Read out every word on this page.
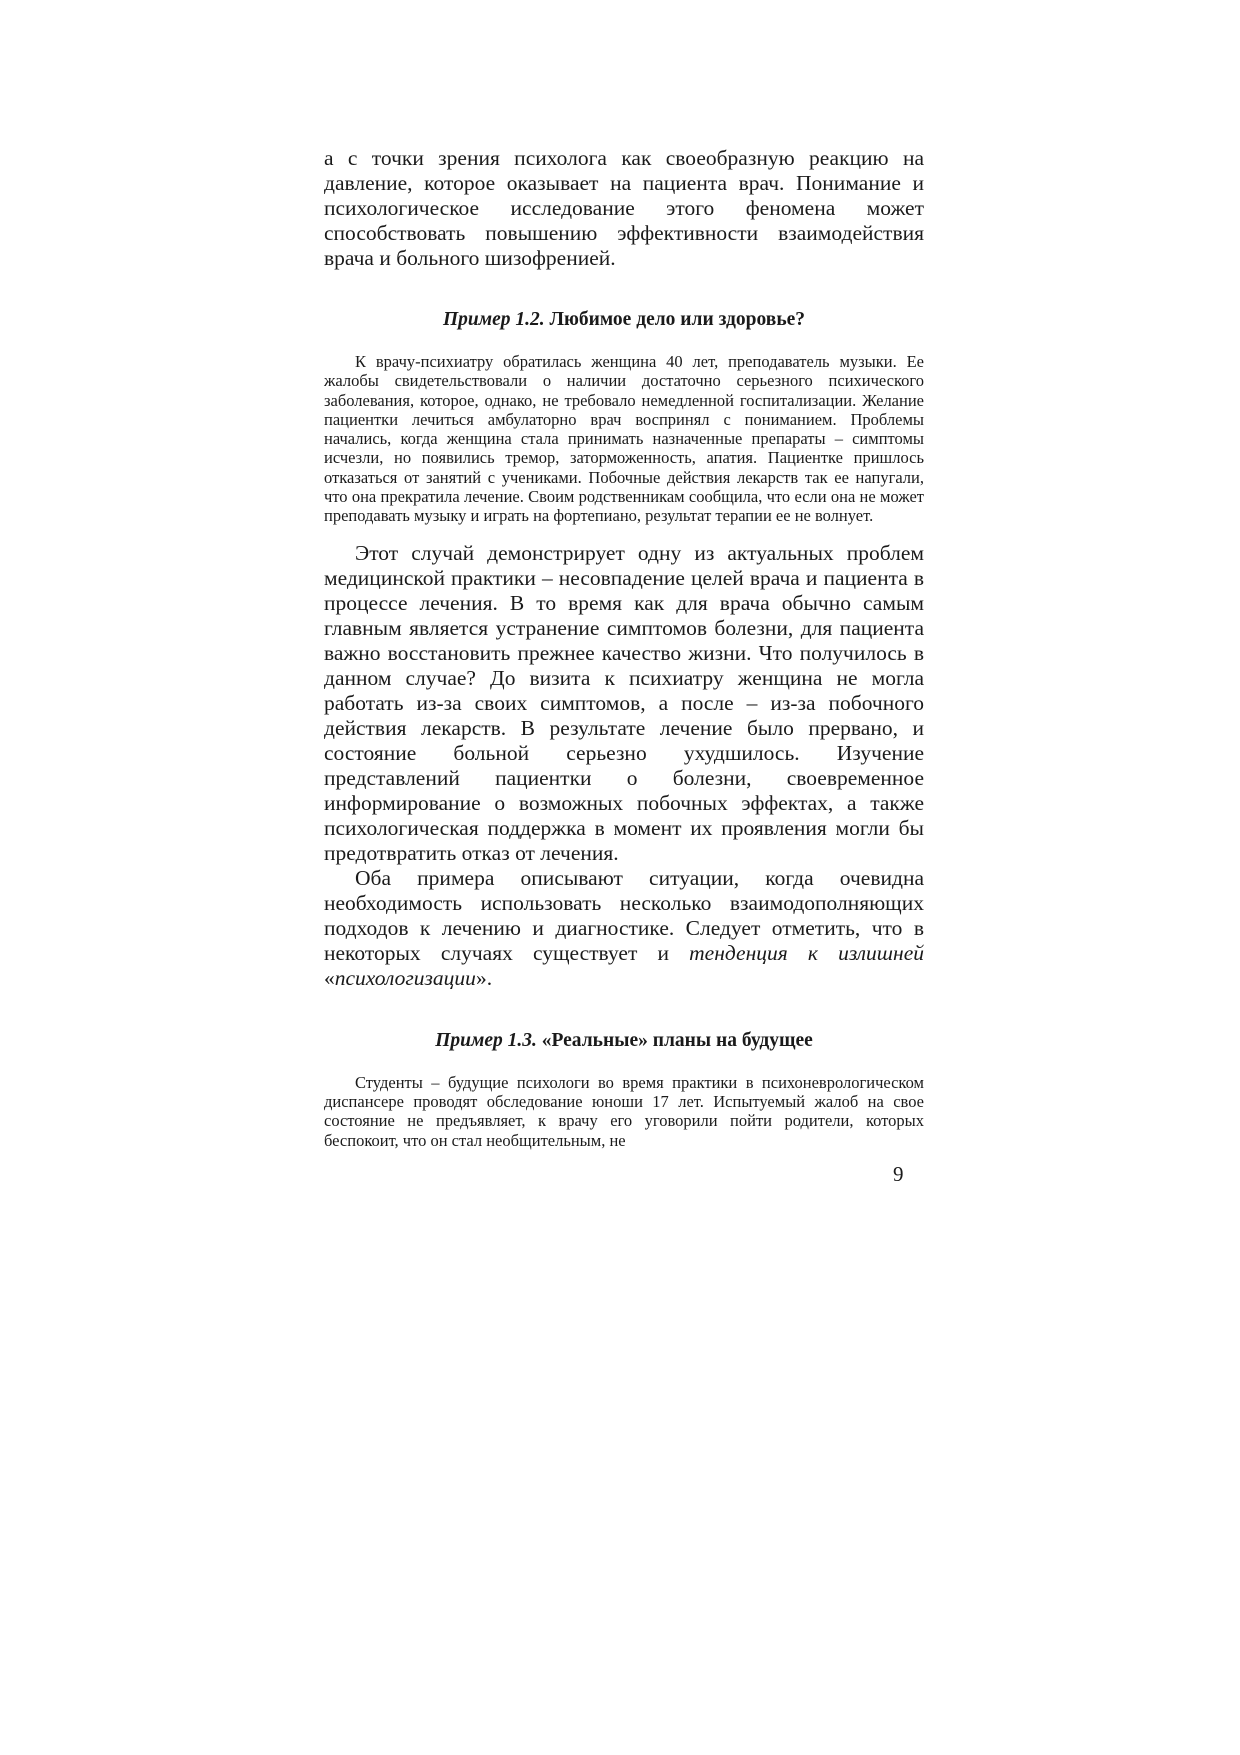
а с точки зрения психолога как своеобразную реакцию на давление, которое оказывает на пациента врач. Понимание и психологическое исследование этого феномена может способствовать повышению эффективности взаимодействия врача и больного шизофренией.

Пример 1.2. Любимое дело или здоровье?

К врачу-психиатру обратилась женщина 40 лет, преподаватель музыки. Ее жалобы свидетельствовали о наличии достаточно серьезного психического заболевания, которое, однако, не требовало немедленной госпитализации. Желание пациентки лечиться амбулаторно врач воспринял с пониманием. Проблемы начались, когда женщина стала принимать назначенные препараты – симптомы исчезли, но появились тремор, заторможенность, апатия. Пациентке пришлось отказаться от занятий с учениками. Побочные действия лекарств так ее напугали, что она прекратила лечение. Своим родственникам сообщила, что если она не может преподавать музыку и играть на фортепиано, результат терапии ее не волнует.

Этот случай демонстрирует одну из актуальных проблем медицинской практики – несовпадение целей врача и пациента в процессе лечения. В то время как для врача обычно самым главным является устранение симптомов болезни, для пациента важно восстановить прежнее качество жизни. Что получилось в данном случае? До визита к психиатру женщина не могла работать из-за своих симптомов, а после – из-за побочного действия лекарств. В результате лечение было прервано, и состояние больной серьезно ухудшилось. Изучение представлений пациентки о болезни, своевременное информирование о возможных побочных эффектах, а также психологическая поддержка в момент их проявления могли бы предотвратить отказ от лечения.

Оба примера описывают ситуации, когда очевидна необходимость использовать несколько взаимодополняющих подходов к лечению и диагностике. Следует отметить, что в некоторых случаях существует и тенденция к излишней «психологизации».

Пример 1.3. «Реальные» планы на будущее

Студенты – будущие психологи во время практики в психоневрологическом диспансере проводят обследование юноши 17 лет. Испытуемый жалоб на свое состояние не предъявляет, к врачу его уговорили пойти родители, которых беспокоит, что он стал необщительным, не

9
